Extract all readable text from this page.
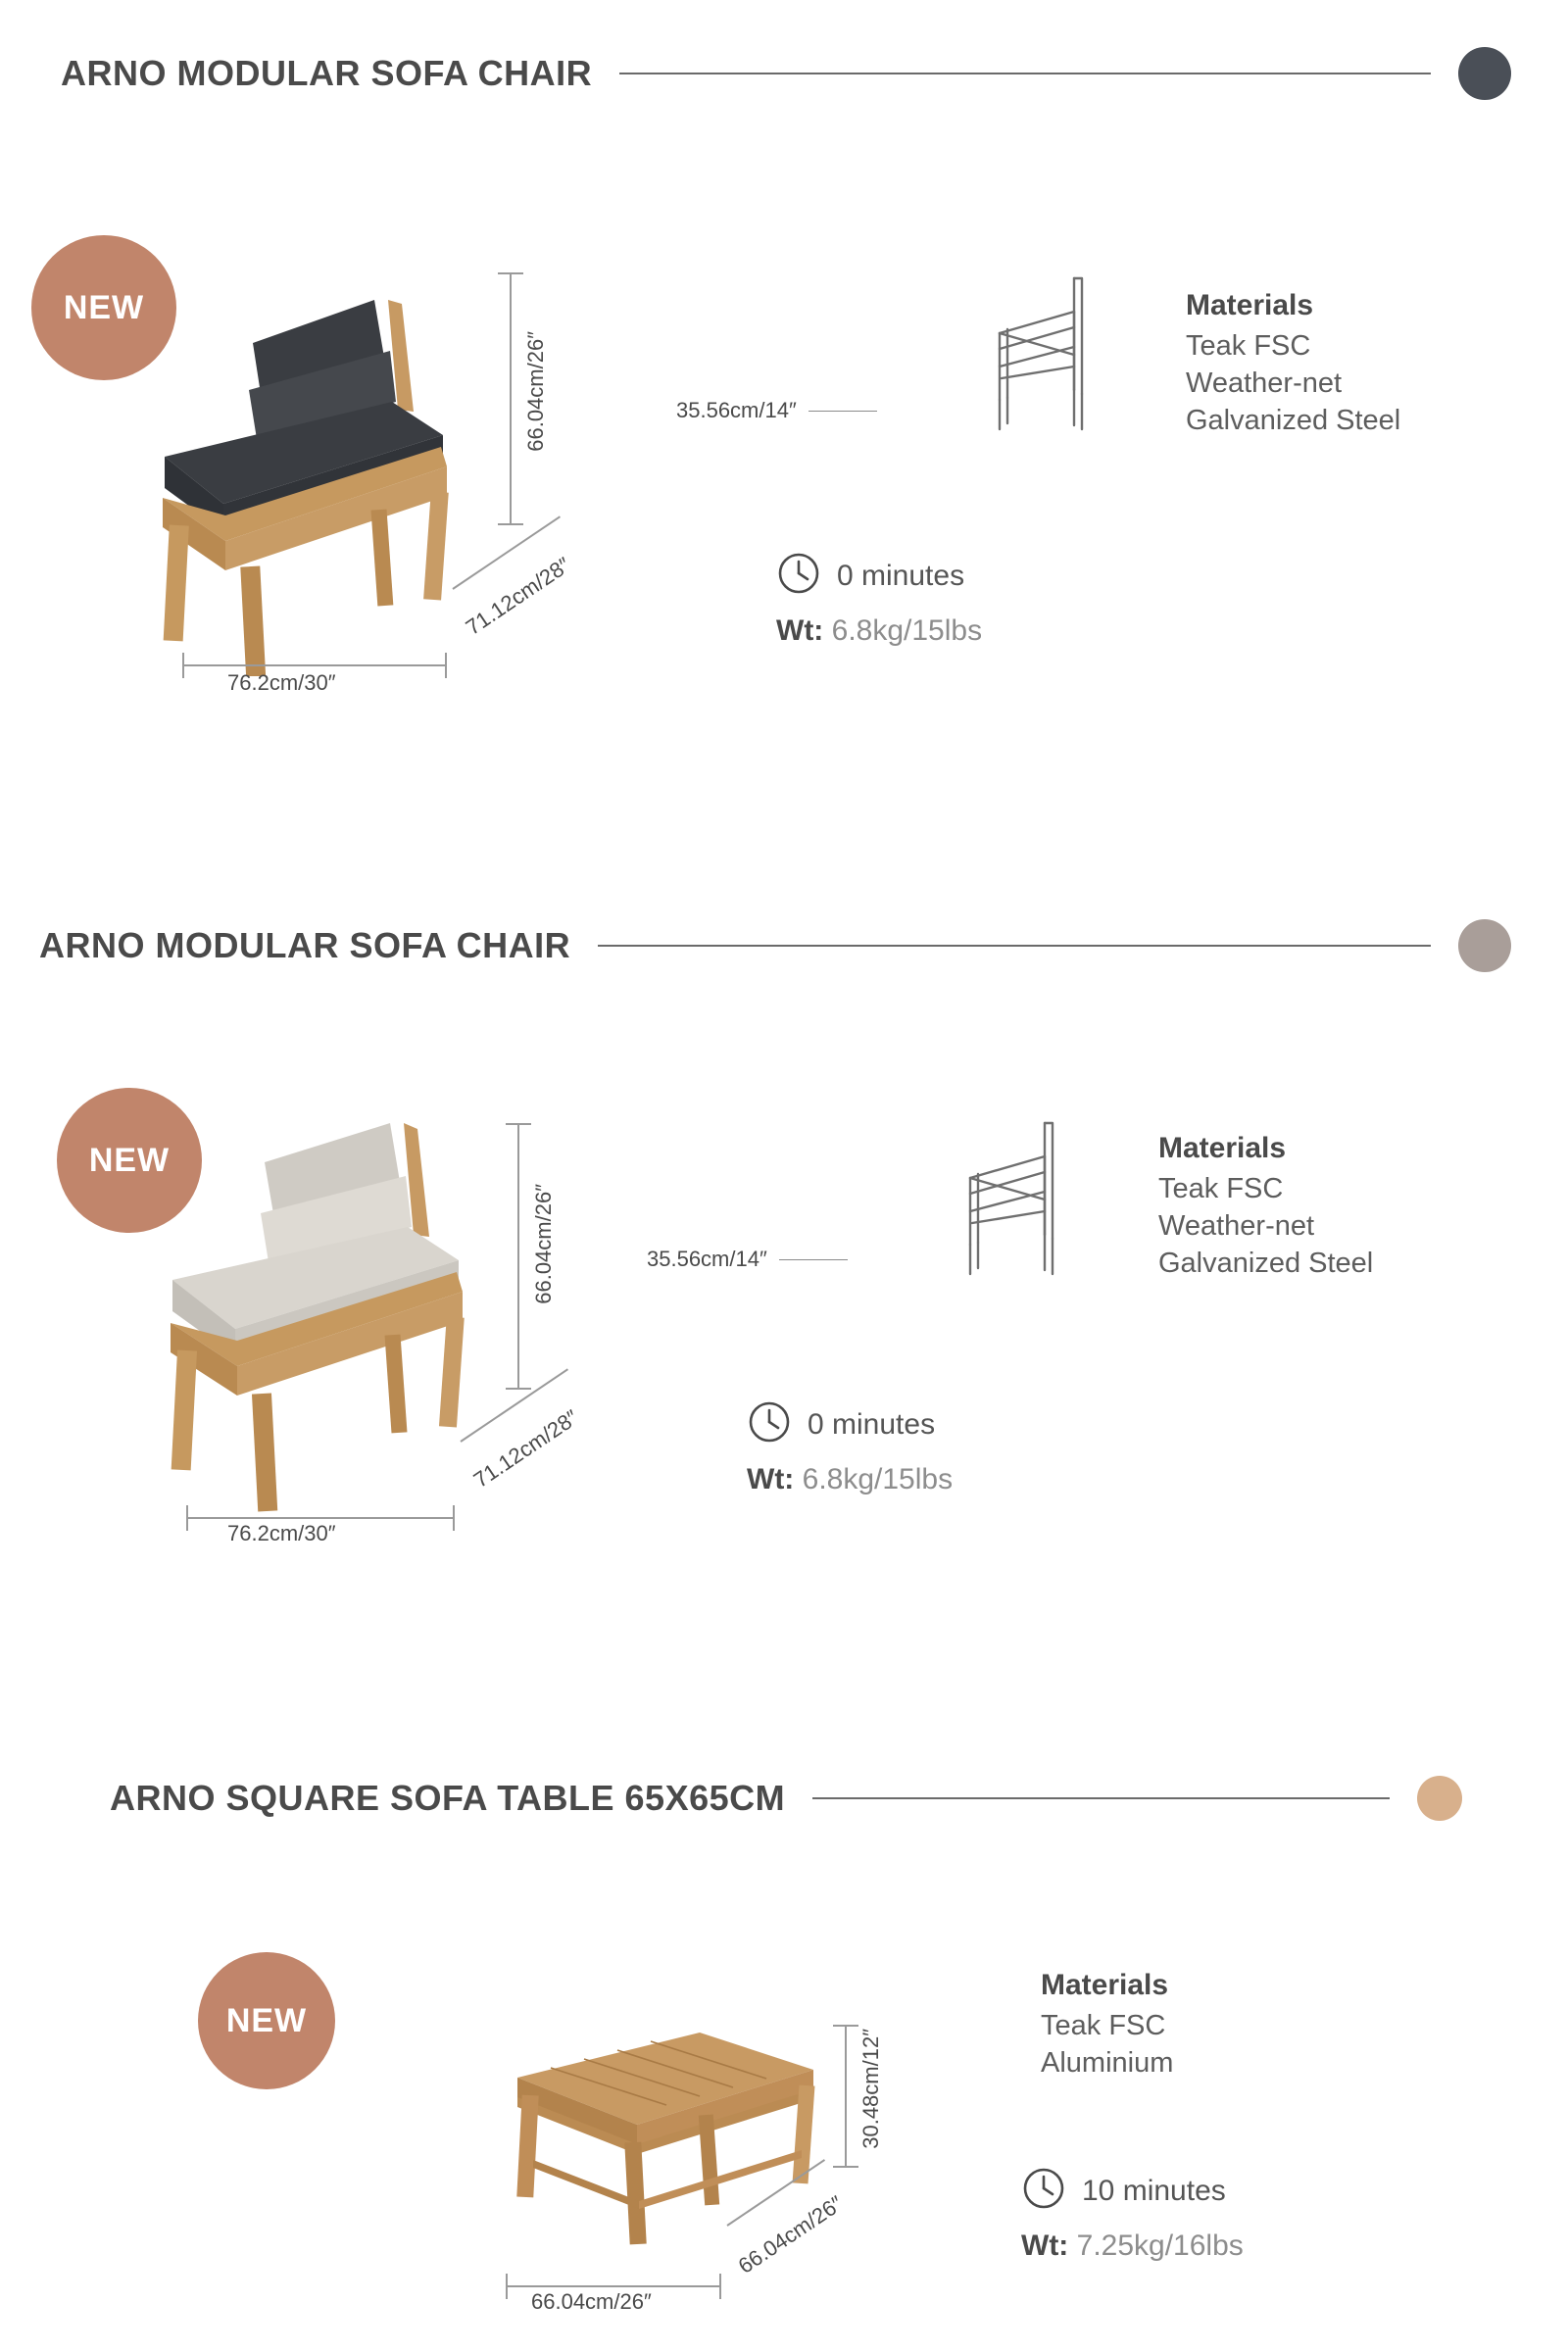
ARNO MODULAR SOFA CHAIR
NEW
66.04cm/26″
76.2cm/30″
71.12cm/28″
35.56cm/14″
Materials
Teak FSC
Weather-net
Galvanized Steel
0 minutes
Wt: 6.8kg/15lbs
ARNO MODULAR SOFA CHAIR
NEW
66.04cm/26″
76.2cm/30″
71.12cm/28″
35.56cm/14″
Materials
Teak FSC
Weather-net
Galvanized Steel
0 minutes
Wt: 6.8kg/15lbs
ARNO SQUARE SOFA TABLE 65X65CM
NEW
30.48cm/12″
66.04cm/26″
66.04cm/26″
Materials
Teak FSC
Aluminium
10 minutes
Wt: 7.25kg/16lbs
